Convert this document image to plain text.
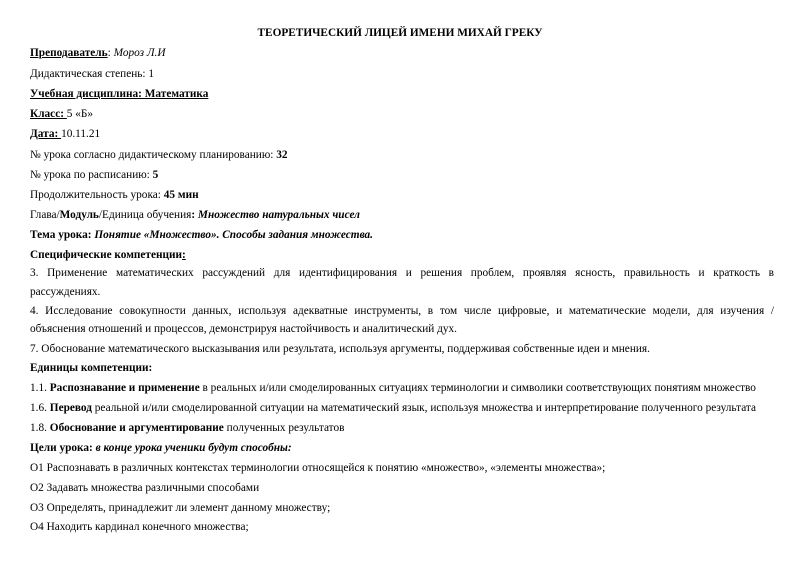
ТЕОРЕТИЧЕСКИЙ ЛИЦЕЙ ИМЕНИ МИХАЙ ГРЕКУ
Преподаватель: Мороз Л.И
Дидактическая степень: 1
Учебная дисциплина: Математика
Класс: 5 «Б»
Дата: 10.11.21
№ урока согласно дидактическому планированию: 32
№ урока по расписанию: 5
Продолжительность урока: 45 мин
Глава/Модуль/Единица обучения: Множество натуральных чисел
Тема урока: Понятие «Множество». Способы задания множества.
Специфические компетенции:
3. Применение математических рассуждений для идентифицирования и решения проблем, проявляя ясность, правильность и краткость в
рассуждениях.
4. Исследование совокупности данных, используя адекватные инструменты, в том числе цифровые, и математические модели, для изучения /
объяснения отношений и процессов, демонстрируя настойчивость и аналитический дух.
7. Обоснование математического высказывания или результата, используя аргументы, поддерживая собственные идеи и мнения.
Единицы компетенции:
1.1. Распознавание и применение в реальных и/или смоделированных ситуациях терминологии и символики соответствующих понятиям множество
1.6. Перевод реальной и/или смоделированной ситуации на математический язык, используя множества и интерпретирование полученного результата
1.8. Обоснование и аргументирование полученных результатов
Цели урока: в конце урока ученики будут способны:
О1 Распознавать в различных контекстах терминологии относящейся к понятию «множество», «элементы множества»;
О2 Задавать множества различными способами
О3 Определять, принадлежит ли элемент данному множеству;
О4 Находить кардинал конечного множества;
